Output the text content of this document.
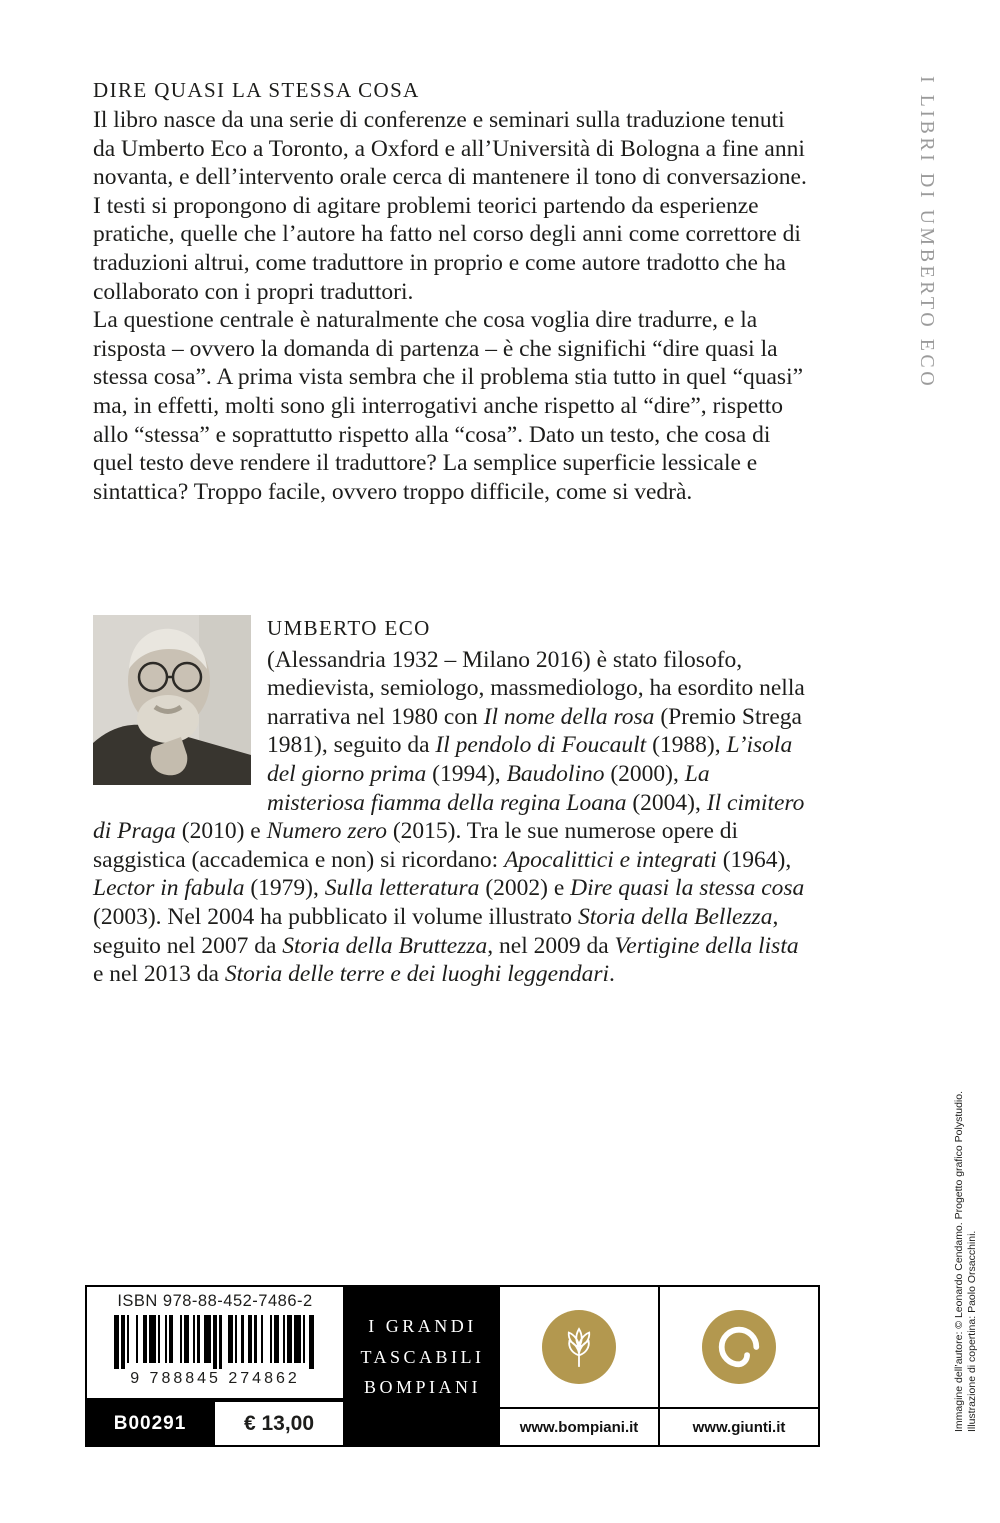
DIRE QUASI LA STESSA COSA

Il libro nasce da una serie di conferenze e seminari sulla traduzione tenuti da Umberto Eco a Toronto, a Oxford e all’Università di Bologna a fine anni novanta, e dell’intervento orale cerca di mantenere il tono di conversazione. I testi si propongono di agitare problemi teorici partendo da esperienze pratiche, quelle che l’autore ha fatto nel corso degli anni come correttore di traduzioni altrui, come traduttore in proprio e come autore tradotto che ha collaborato con i propri traduttori.

La questione centrale è naturalmente che cosa voglia dire tradurre, e la risposta – ovvero la domanda di partenza – è che significhi “dire quasi la stessa cosa”. A prima vista sembra che il problema stia tutto in quel “quasi” ma, in effetti, molti sono gli interrogativi anche rispetto al “dire”, rispetto allo “stessa” e soprattutto rispetto alla “cosa”. Dato un testo, che cosa di quel testo deve rendere il traduttore? La semplice superficie lessicale e sintattica? Troppo facile, ovvero troppo difficile, come si vedrà.

I LIBRI DI UMBERTO ECO
UMBERTO ECO

(Alessandria 1932 – Milano 2016) è stato filosofo, medievista, semiologo, massmediologo, ha esordito nella narrativa nel 1980 con Il nome della rosa (Premio Strega 1981), seguito da Il pendolo di Foucault (1988), L’isola del giorno prima (1994), Baudolino (2000), La misteriosa fiamma della regina Loana (2004), Il cimitero di Praga (2010) e Numero zero (2015). Tra le sue numerose opere di saggistica (accademica e non) si ricordano: Apocalittici e integrati (1964), Lector in fabula (1979), Sulla letteratura (2002) e Dire quasi la stessa cosa (2003). Nel 2004 ha pubblicato il volume illustrato Storia della Bellezza, seguito nel 2007 da Storia della Bruttezza, nel 2009 da Vertigine della lista e nel 2013 da Storia delle terre e dei luoghi leggendari.

ISBN 978-88-452-7486-2
9 788845 274862
B00291	€ 13,00
I GRANDI
TASCABILI
BOMPIANI
www.bompiani.it	www.giunti.it	Illustrazione di copertina: Paolo Orsacchini.
Immagine dell’autore: © Leonardo Cendamo. Progetto grafico Polystudio.
